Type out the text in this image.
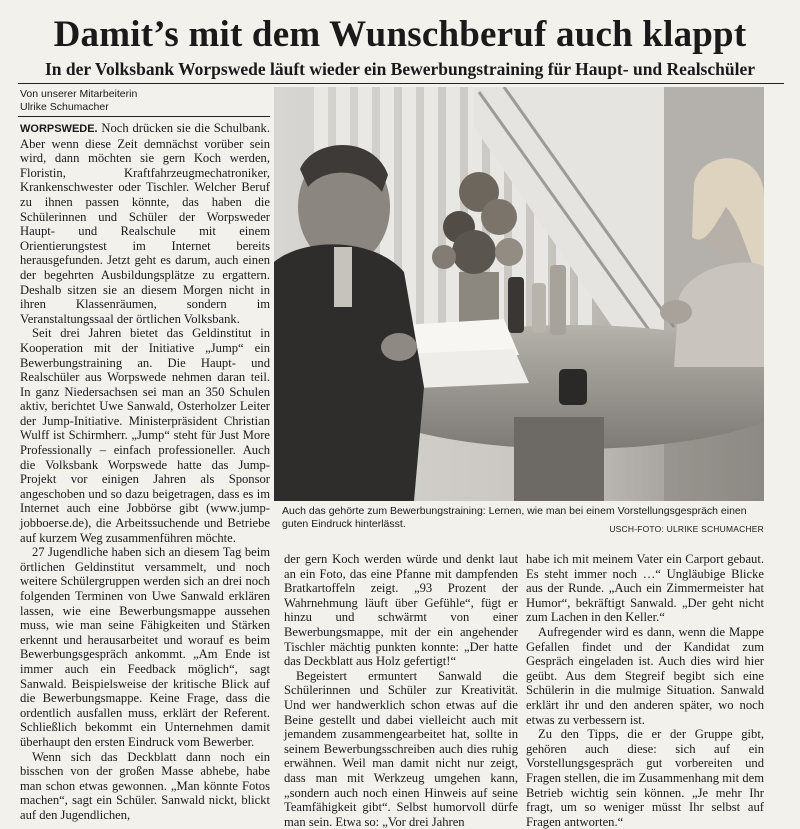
Damit’s mit dem Wunschberuf auch klappt
In der Volksbank Worpswede läuft wieder ein Bewerbungstraining für Haupt- und Realschüler
Von unserer Mitarbeiterin
Ulrike Schumacher

WORPSWEDE. Noch drücken sie die Schulbank. Aber wenn diese Zeit demnächst vorüber sein wird, dann möchten sie gern Koch werden, Floristin, Kraftfahrzeugmechatroniker, Krankenschwester oder Tischler. Welcher Beruf zu ihnen passen könnte, das haben die Schülerinnen und Schüler der Worpsweder Haupt- und Realschule mit einem Orientierungstest im Internet bereits herausgefunden. Jetzt geht es darum, auch einen der begehrten Ausbildungsplätze zu ergattern. Deshalb sitzen sie an diesem Morgen nicht in ihren Klassenräumen, sondern im Veranstaltungssaal der örtlichen Volksbank.

Seit drei Jahren bietet das Geldinstitut in Kooperation mit der Initiative „Jump“ ein Bewerbungstraining an. Die Haupt- und Realschüler aus Worpswede nehmen daran teil. In ganz Niedersachsen sei man an 350 Schulen aktiv, berichtet Uwe Sanwald, Osterholzer Leiter der Jump-Initiative. Ministerpräsident Christian Wulff ist Schirmherr. „Jump“ steht für Just More Professionally – einfach professioneller. Auch die Volksbank Worpswede hatte das Jump-Projekt vor einigen Jahren als Sponsor angeschoben und so dazu beigetragen, dass es im Internet auch eine Jobbörse gibt (www.jump-jobboerse.de), die Arbeitssuchende und Betriebe auf kurzem Weg zusammenführen möchte.

27 Jugendliche haben sich an diesem Tag beim örtlichen Geldinstitut versammelt, und noch weitere Schülergruppen werden sich an drei noch folgenden Terminen von Uwe Sanwald erklären lassen, wie eine Bewerbungsmappe aussehen muss, wie man seine Fähigkeiten und Stärken erkennt und herausarbeitet und worauf es beim Bewerbungsgespräch ankommt. „Am Ende ist immer auch ein Feedback möglich“, sagt Sanwald. Beispielsweise der kritische Blick auf die Bewerbungsmappe. Keine Frage, dass die ordentlich ausfallen muss, erklärt der Referent. Schließlich bekommt ein Unternehmen damit überhaupt den ersten Eindruck vom Bewerber.

Wenn sich das Deckblatt dann noch ein bisschen von der großen Masse abhebe, habe man schon etwas gewonnen. „Man könnte Fotos machen“, sagt ein Schüler. Sanwald nickt, blickt auf den Jugendlichen,

Auch das gehörte zum Bewerbungstraining: Lernen, wie man bei einem Vorstellungsgespräch einen guten Eindruck hinterlässt.	USCH-FOTO: ULRIKE SCHUMACHER

der gern Koch werden würde und denkt laut an ein Foto, das eine Pfanne mit dampfenden Bratkartoffeln zeigt. „93 Prozent der Wahrnehmung läuft über Gefühle“, fügt er hinzu und schwärmt von einer Bewerbungsmappe, mit der ein angehender Tischler mächtig punkten konnte: „Der hatte das Deckblatt aus Holz gefertigt!“

Begeistert ermuntert Sanwald die Schülerinnen und Schüler zur Kreativität. Und wer handwerklich schon etwas auf die Beine gestellt und dabei vielleicht auch mit jemandem zusammengearbeitet hat, sollte in seinem Bewerbungsschreiben auch dies ruhig erwähnen. Weil man damit nicht nur zeigt, dass man mit Werkzeug umgehen kann, „sondern auch noch einen Hinweis auf seine Teamfähigkeit gibt“. Selbst humorvoll dürfe man sein. Etwa so: „Vor drei Jahren

habe ich mit meinem Vater ein Carport gebaut. Es steht immer noch …“ Ungläubige Blicke aus der Runde. „Auch ein Zimmermeister hat Humor“, bekräftigt Sanwald. „Der geht nicht zum Lachen in den Keller.“

Aufregender wird es dann, wenn die Mappe Gefallen findet und der Kandidat zum Gespräch eingeladen ist. Auch dies wird hier geübt. Aus dem Stegreif begibt sich eine Schülerin in die mulmige Situation. Sanwald erklärt ihr und den anderen später, wo noch etwas zu verbessern ist.

Zu den Tipps, die er der Gruppe gibt, gehören auch diese: sich auf ein Vorstellungsgespräch gut vorbereiten und Fragen stellen, die im Zusammenhang mit dem Betrieb wichtig sein können. „Je mehr Ihr fragt, um so weniger müsst Ihr selbst auf Fragen antworten.“
